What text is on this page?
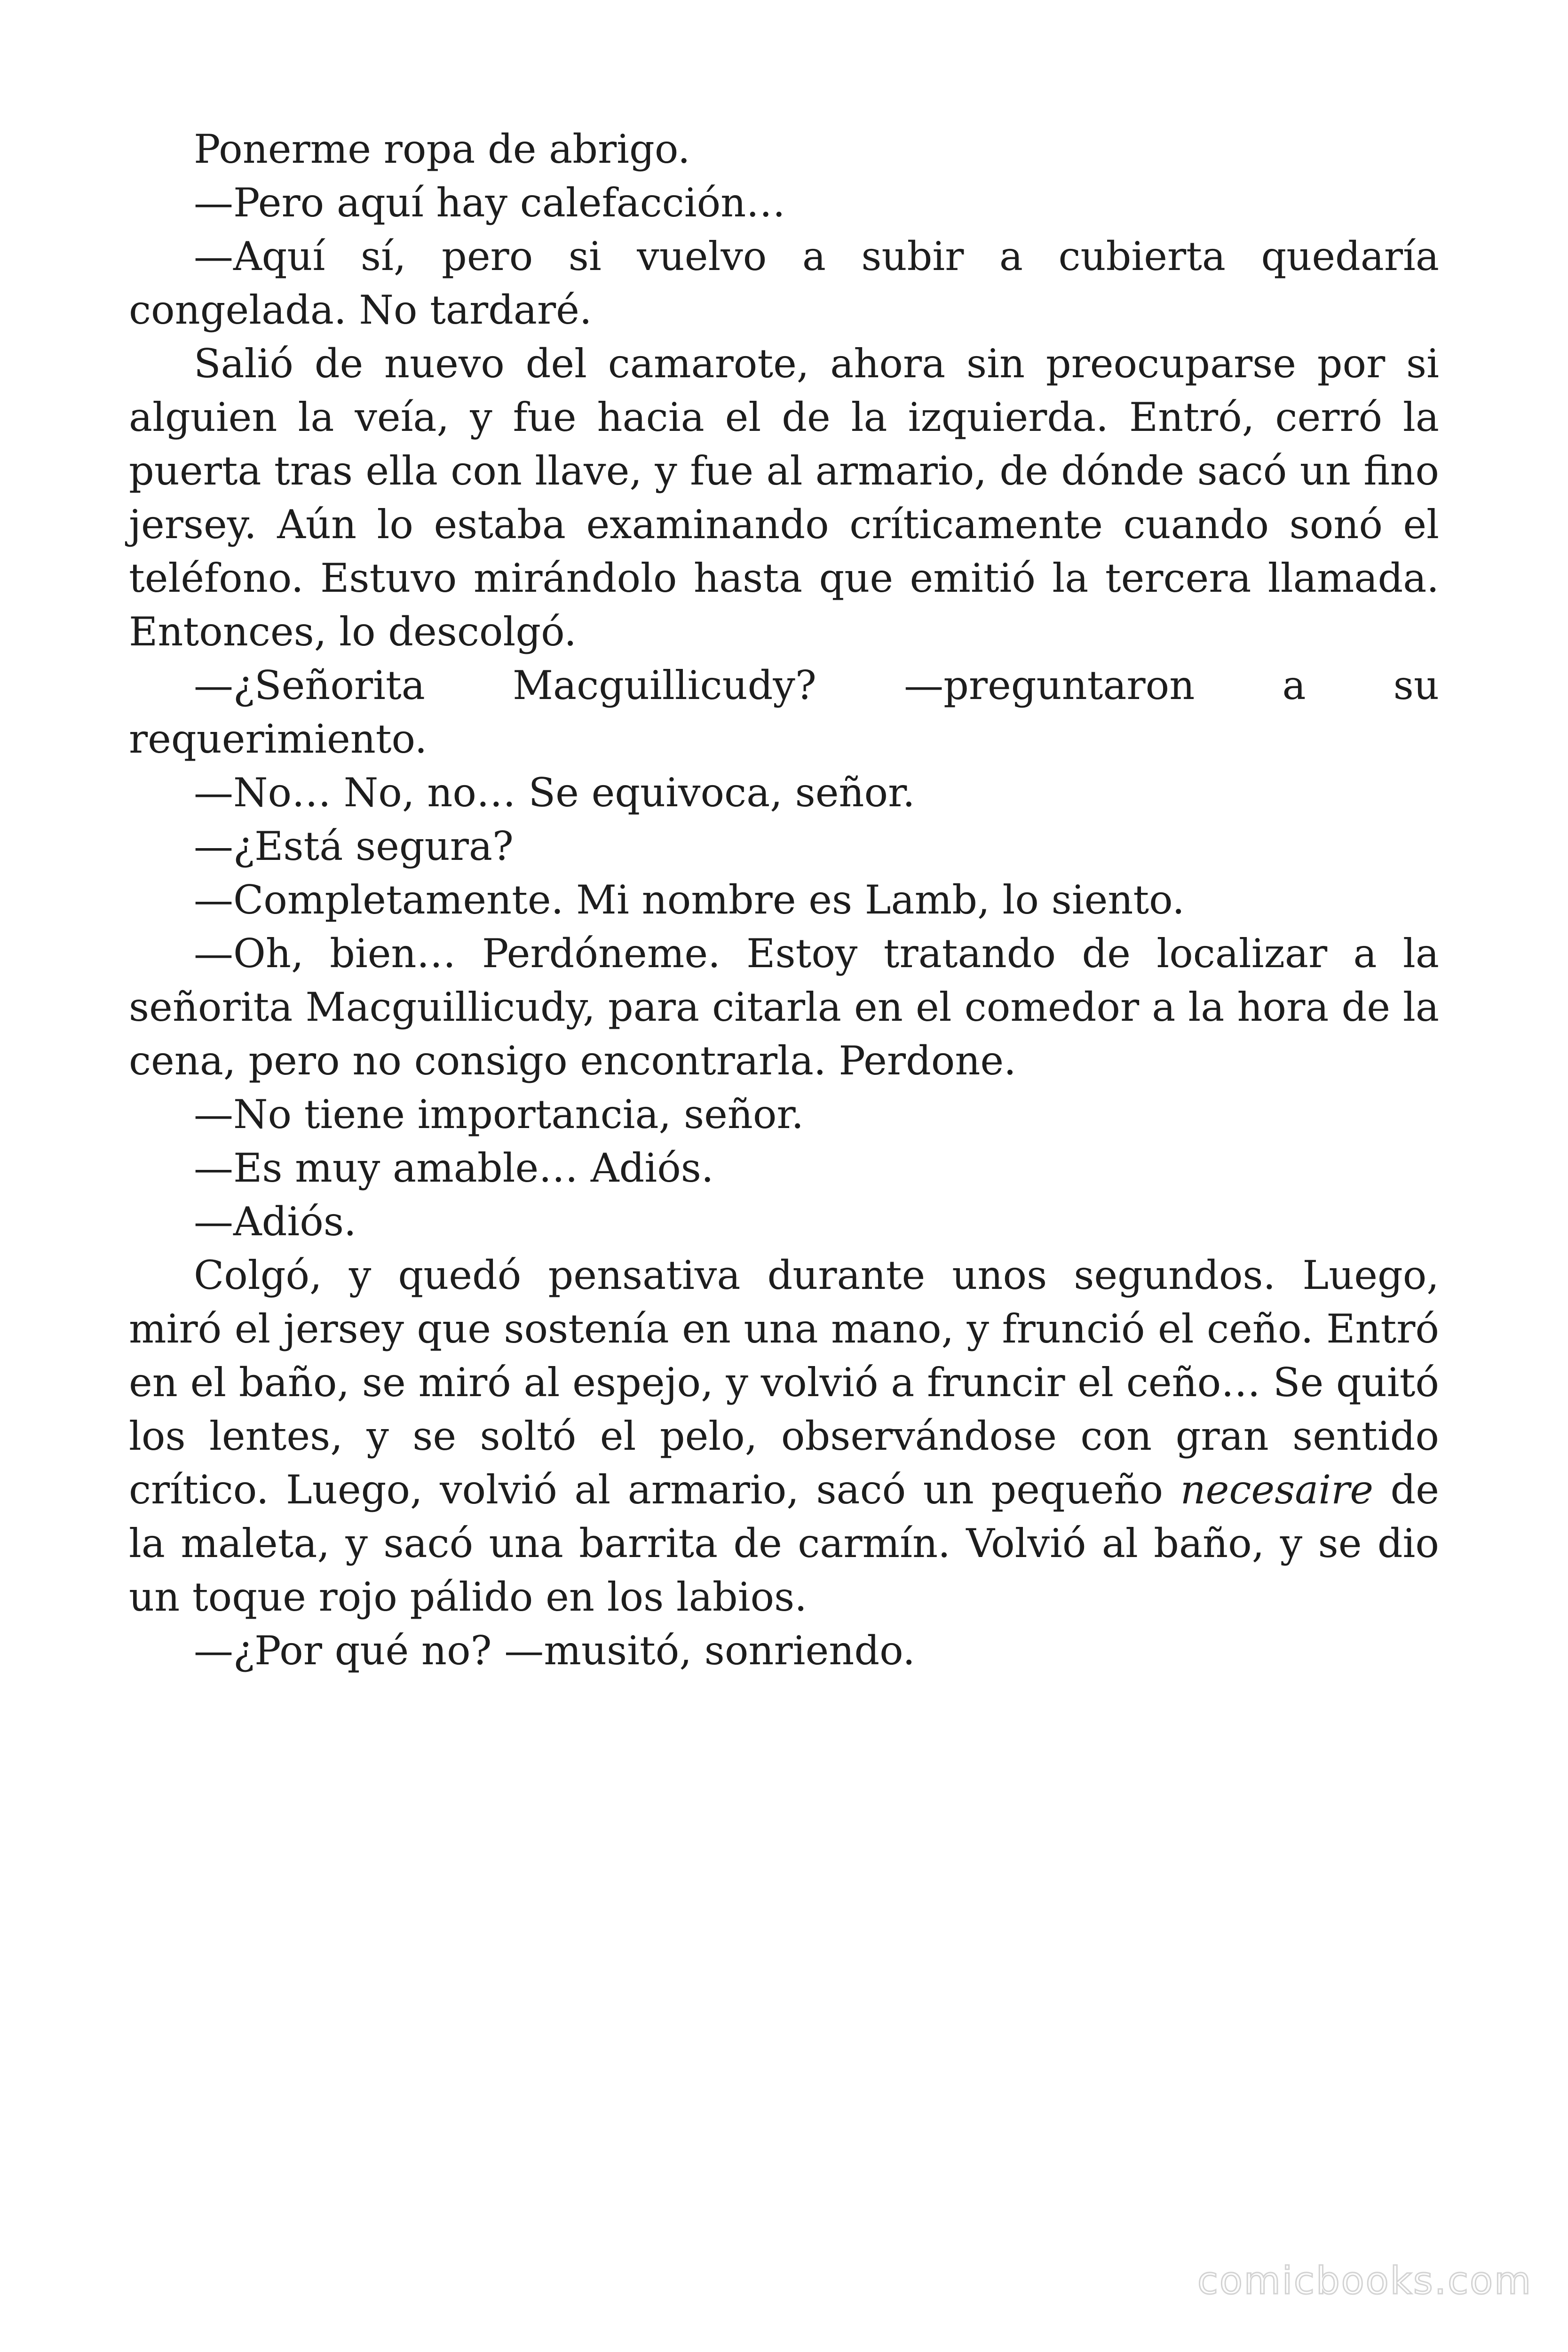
Ponerme ropa de abrigo.

—Pero aquí hay calefacción…

—Aquí sí, pero si vuelvo a subir a cubierta quedaría congelada. No tardaré.

Salió de nuevo del camarote, ahora sin preocuparse por si alguien la veía, y fue hacia el de la izquierda. Entró, cerró la puerta tras ella con llave, y fue al armario, de dónde sacó un fino jersey. Aún lo estaba examinando críticamente cuando sonó el teléfono. Estuvo mirándolo hasta que emitió la tercera llamada. Entonces, lo descolgó.

—¿Señorita Macguillicudy? —preguntaron a su requerimiento.

—No… No, no… Se equivoca, señor.

—¿Está segura?

—Completamente. Mi nombre es Lamb, lo siento.

—Oh, bien… Perdóneme. Estoy tratando de localizar a la señorita Macguillicudy, para citarla en el comedor a la hora de la cena, pero no consigo encontrarla. Perdone.

—No tiene importancia, señor.

—Es muy amable… Adiós.

—Adiós.

Colgó, y quedó pensativa durante unos segundos. Luego, miró el jersey que sostenía en una mano, y frunció el ceño. Entró en el baño, se miró al espejo, y volvió a fruncir el ceño… Se quitó los lentes, y se soltó el pelo, observándose con gran sentido crítico. Luego, volvió al armario, sacó un pequeño necesaire de la maleta, y sacó una barrita de carmín. Volvió al baño, y se dio un toque rojo pálido en los labios.

—¿Por qué no? —musitó, sonriendo.

comicbooks.com
